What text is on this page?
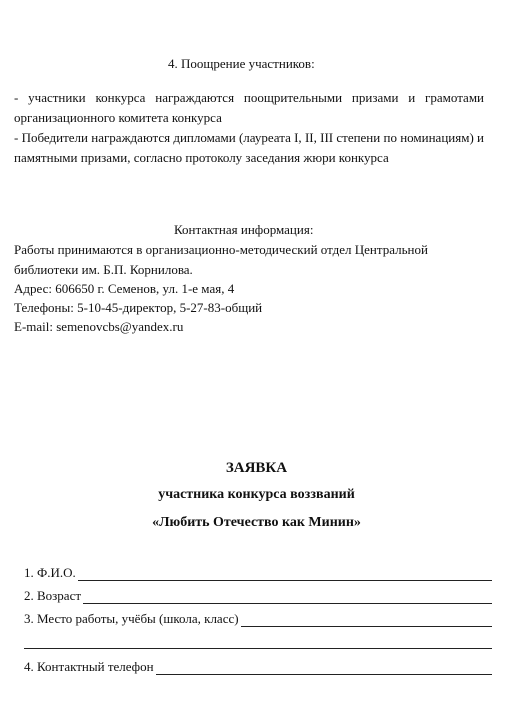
4. Поощрение участников:
- участники конкурса награждаются поощрительными призами и грамотами организационного комитета конкурса
- Победители награждаются дипломами (лауреата I, II, III степени по номинациям) и памятными призами, согласно протоколу заседания жюри конкурса
Контактная информация:
Работы принимаются в организационно-методический отдел Центральной
библиотеки им. Б.П. Корнилова.
Адрес: 606650 г. Семенов, ул. 1-е мая, 4
Телефоны: 5-10-45-директор, 5-27-83-общий
E-mail: semenovcbs@yandex.ru
ЗАЯВКА
участника конкурса воззваний
«Любить Отечество как Минин»
1. Ф.И.О.
2. Возраст
3. Место работы, учёбы (школа, класс)
4. Контактный телефон
